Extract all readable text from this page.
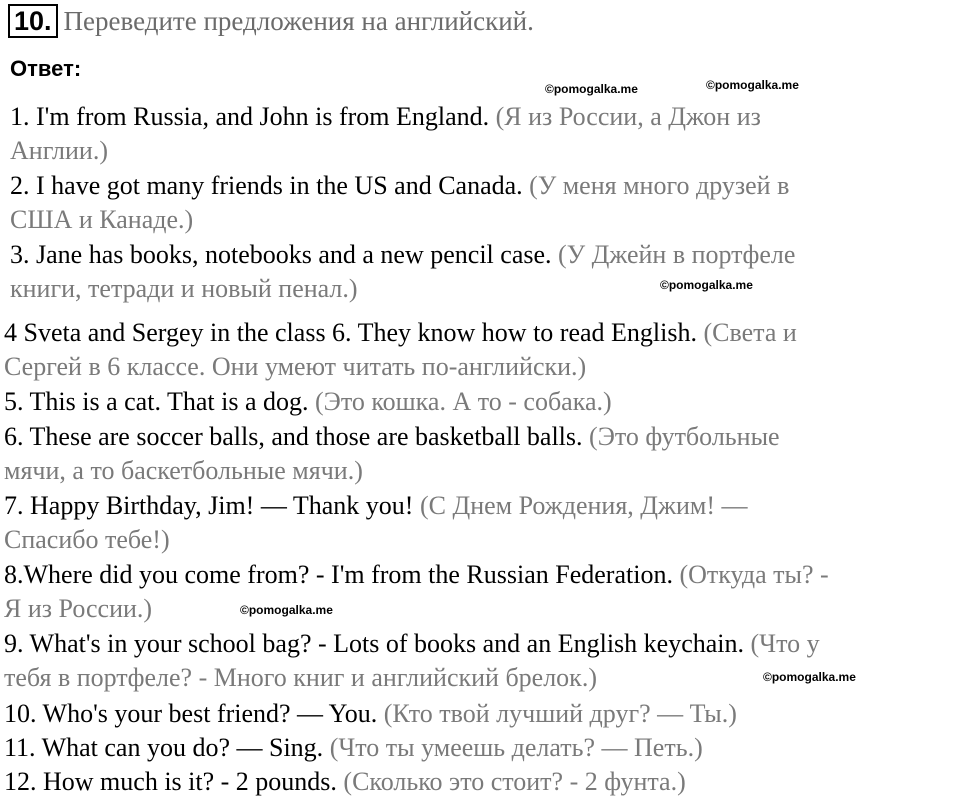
10. Переведите предложения на английский.
Ответ:
©pomogalka.me	©pomogalka.me
©pomogalka.me
©pomogalka.me
©pomogalka.me
1. I'm from Russia, and John is from England. (Я из России, а Джон из
Англии.)
2. I have got many friends in the US and Canada. (У меня много друзей в
США и Канаде.)
3. Jane has books, notebooks and a new pencil case. (У Джейн в портфеле
книги, тетради и новый пенал.)
4 Sveta and Sergey in the class 6. They know how to read English. (Света и
Сергей в 6 классе. Они умеют читать по-английски.)
5. This is a cat. That is a dog. (Это кошка. А то - собака.)
6. These are soccer balls, and those are basketball balls. (Это футбольные
мячи, а то баскетбольные мячи.)
7. Happy Birthday, Jim! — Thank you! (С Днем Рождения, Джим! —
Спасибо тебе!)
8.Where did you come from? - I'm from the Russian Federation. (Откуда ты? -
Я из России.)
9. What's in your school bag? - Lots of books and an English keychain. (Что у
тебя в портфеле? - Много книг и английский брелок.)
10. Who's your best friend? — You. (Кто твой лучший друг? — Ты.)
11. What can you do? — Sing. (Что ты умеешь делать? — Петь.)
12. How much is it? - 2 pounds. (Сколько это стоит? - 2 фунта.)
